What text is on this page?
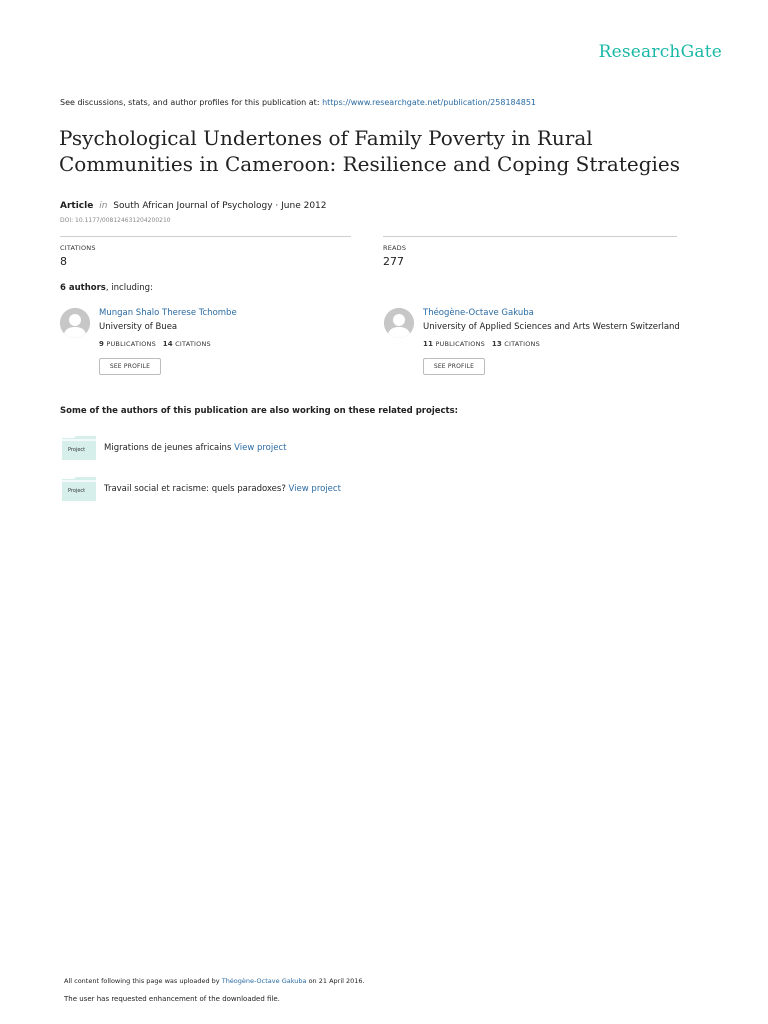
ResearchGate
See discussions, stats, and author profiles for this publication at: https://www.researchgate.net/publication/258184851
Psychological Undertones of Family Poverty in Rural Communities in Cameroon: Resilience and Coping Strategies
Article in South African Journal of Psychology · June 2012
DOI: 10.1177/008124631204200210
CITATIONS
8
READS
277
6 authors, including:
Mungan Shalo Therese Tchombe
University of Buea
9 PUBLICATIONS 14 CITATIONS
SEE PROFILE
Théogène-Octave Gakuba
University of Applied Sciences and Arts Western Switzerland
11 PUBLICATIONS 13 CITATIONS
SEE PROFILE
Some of the authors of this publication are also working on these related projects:
Project Migrations de jeunes africains View project
Project Travail social et racisme: quels paradoxes? View project
All content following this page was uploaded by Théogène-Octave Gakuba on 21 April 2016.
The user has requested enhancement of the downloaded file.
